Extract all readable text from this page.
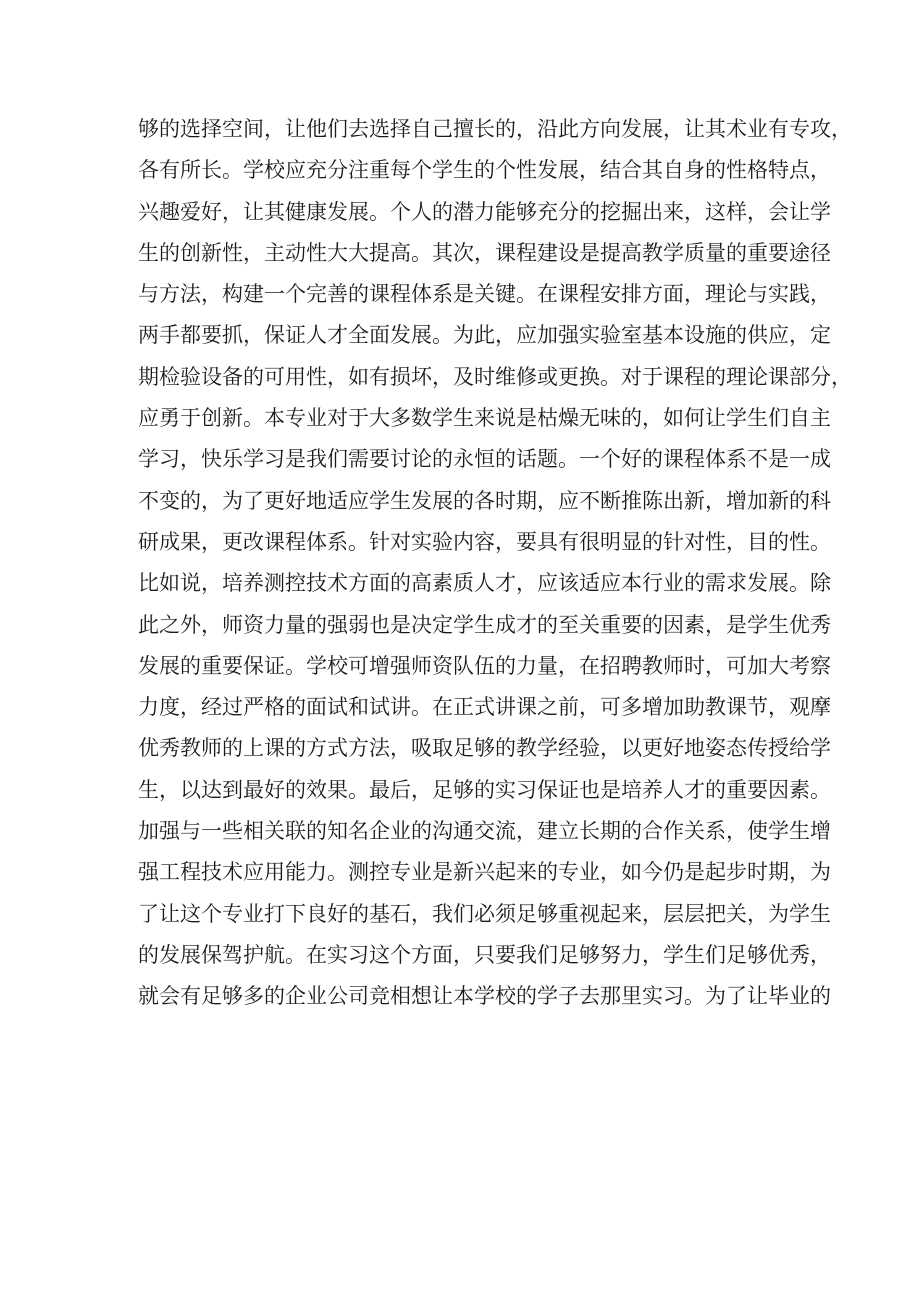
够的选择空间，让他们去选择自己擅长的，沿此方向发展，让其术业有专攻，
各有所长。学校应充分注重每个学生的个性发展，结合其自身的性格特点，
兴趣爱好，让其健康发展。个人的潜力能够充分的挖掘出来，这样，会让学
生的创新性，主动性大大提高。其次，课程建设是提高教学质量的重要途径
与方法，构建一个完善的课程体系是关键。在课程安排方面，理论与实践，
两手都要抓，保证人才全面发展。为此，应加强实验室基本设施的供应，定
期检验设备的可用性，如有损坏，及时维修或更换。对于课程的理论课部分，
应勇于创新。本专业对于大多数学生来说是枯燥无味的，如何让学生们自主
学习，快乐学习是我们需要讨论的永恒的话题。一个好的课程体系不是一成
不变的，为了更好地适应学生发展的各时期，应不断推陈出新，增加新的科
研成果，更改课程体系。针对实验内容，要具有很明显的针对性，目的性。
比如说，培养测控技术方面的高素质人才，应该适应本行业的需求发展。除
此之外，师资力量的强弱也是决定学生成才的至关重要的因素，是学生优秀
发展的重要保证。学校可增强师资队伍的力量，在招聘教师时，可加大考察
力度，经过严格的面试和试讲。在正式讲课之前，可多增加助教课节，观摩
优秀教师的上课的方式方法，吸取足够的教学经验，以更好地姿态传授给学
生，以达到最好的效果。最后，足够的实习保证也是培养人才的重要因素。
加强与一些相关联的知名企业的沟通交流，建立长期的合作关系，使学生增
强工程技术应用能力。测控专业是新兴起来的专业，如今仍是起步时期，为
了让这个专业打下良好的基石，我们必须足够重视起来，层层把关，为学生
的发展保驾护航。在实习这个方面，只要我们足够努力，学生们足够优秀，
就会有足够多的企业公司竞相想让本学校的学子去那里实习。为了让毕业的
